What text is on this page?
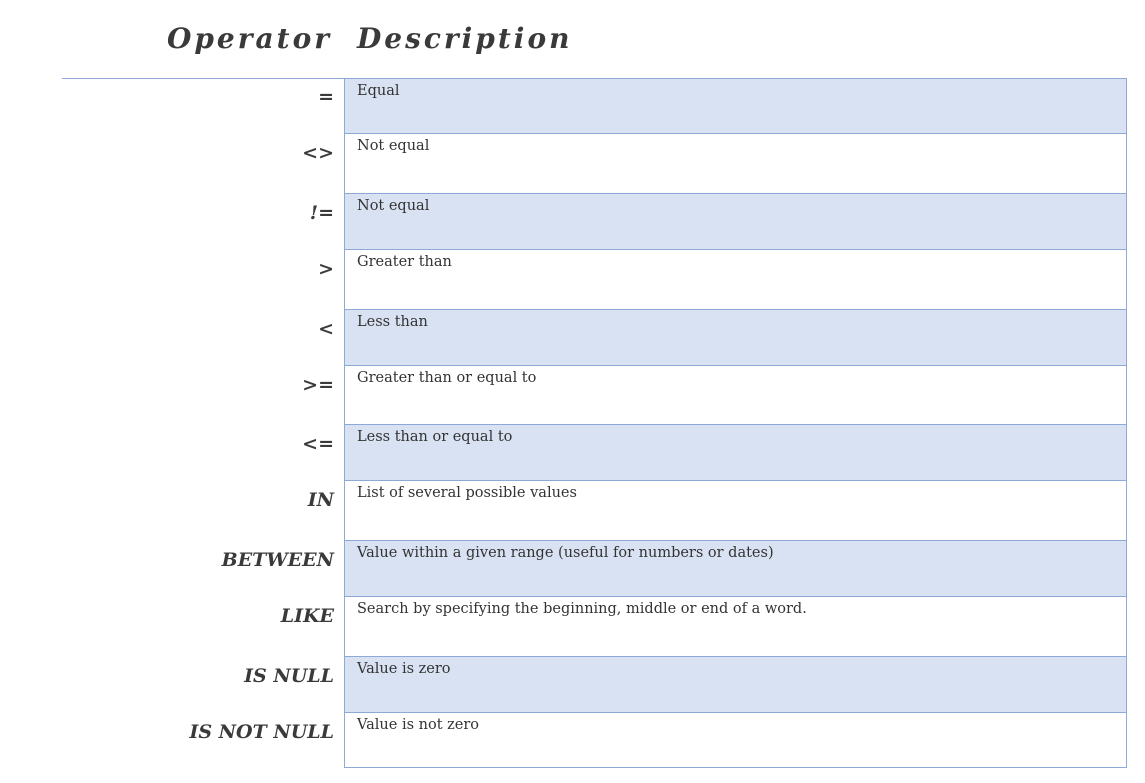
Operator Description
=	Equal
<>	Not equal
!=	Not equal
>	Greater than
<	Less than
>=	Greater than or equal to
<=	Less than or equal to
IN	List of several possible values
BETWEEN	Value within a given range (useful for numbers or dates)
LIKE	Search by specifying the beginning, middle or end of a word.
IS NULL	Value is zero
IS NOT NULL	Value is not zero
